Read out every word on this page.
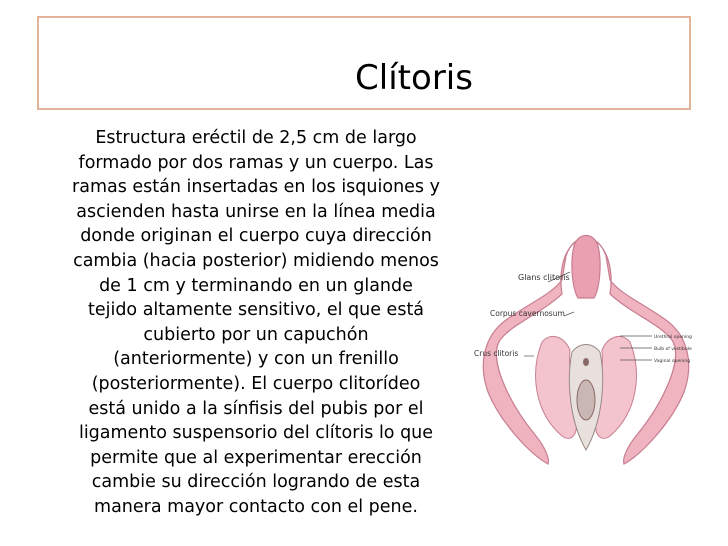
Clítoris
Estructura eréctil de 2,5 cm de largo
formado por dos ramas y un cuerpo. Las
ramas están insertadas en los isquiones y
ascienden hasta unirse en la línea media
donde originan el cuerpo cuya dirección
cambia (hacia posterior) midiendo menos
de 1 cm y terminando en un glande
tejido altamente sensitivo, el que está
cubierto por un capuchón
(anteriormente) y con un frenillo
(posteriormente). El cuerpo clitorídeo
está unido a la sínfisis del pubis por el
ligamento suspensorio del clítoris lo que
permite que al experimentar erección
cambie su dirección logrando de esta
manera mayor contacto con el pene.
Glans clitoris
Corpus cavernosum
Crus clitoris
Urethral opening
Bulb of vestibule
Vaginal opening
